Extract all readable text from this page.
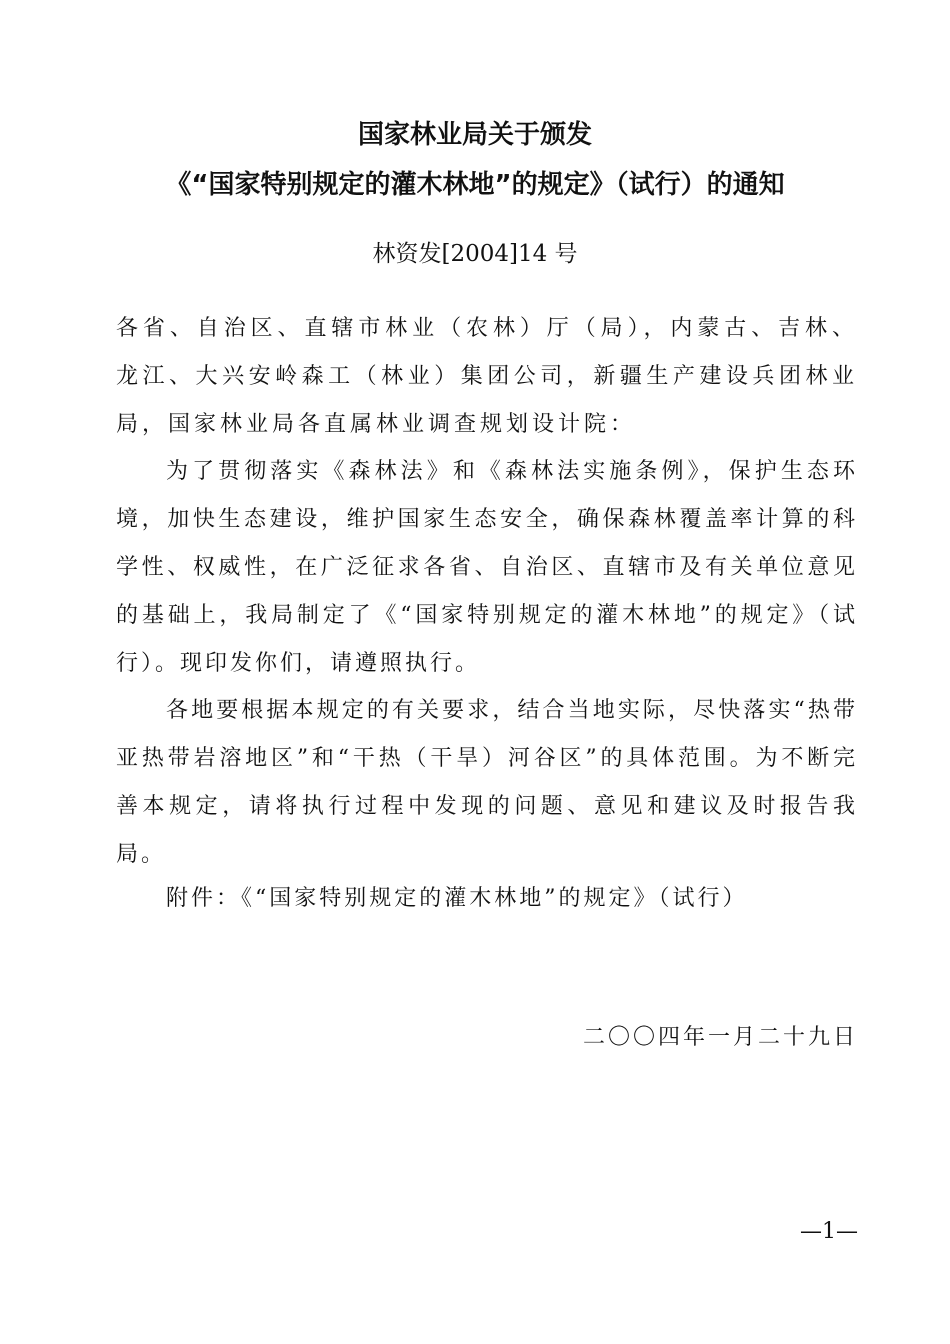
国家林业局关于颁发
《“国家特别规定的灌木林地”的规定》（试行）的通知
林资发[2004]14 号

各省、自治区、直辖市林业（农林）厅（局），内蒙古、吉林、龙江、大兴安岭森工（林业）集团公司，新疆生产建设兵团林业局，国家林业局各直属林业调查规划设计院：

为了贯彻落实《森林法》和《森林法实施条例》，保护生态环境，加快生态建设，维护国家生态安全，确保森林覆盖率计算的科学性、权威性，在广泛征求各省、自治区、直辖市及有关单位意见的基础上，我局制定了《“国家特别规定的灌木林地”的规定》（试行）。现印发你们，请遵照执行。

各地要根据本规定的有关要求，结合当地实际，尽快落实“热带亚热带岩溶地区”和“干热（干旱）河谷区”的具体范围。为不断完善本规定，请将执行过程中发现的问题、意见和建议及时报告我局。

附件：《“国家特别规定的灌木林地”的规定》（试行）
二〇〇四年一月二十九日
—1—
